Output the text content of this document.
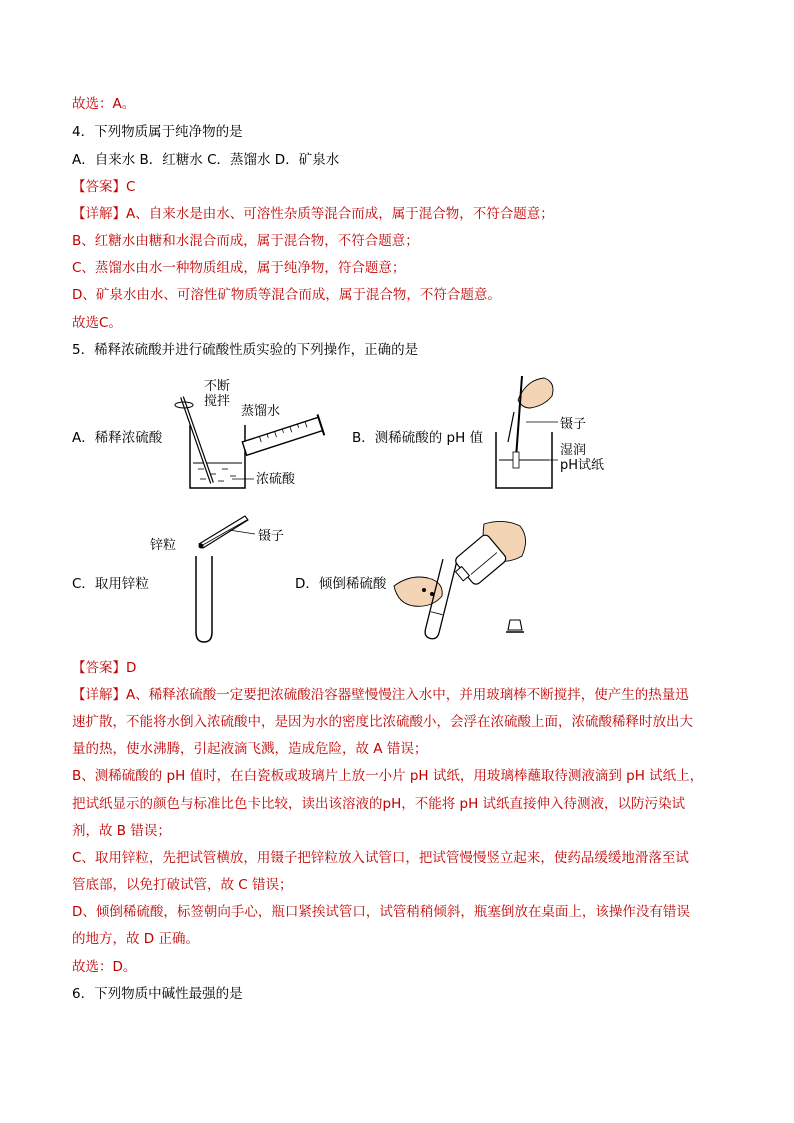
故选：A。
4．下列物质属于纯净物的是
A．自来水 B．红糖水 C．蒸馏水 D．矿泉水
【答案】C
【详解】A、自来水是由水、可溶性杂质等混合而成，属于混合物，不符合题意；
B、红糖水由糖和水混合而成，属于混合物，不符合题意；
C、蒸馏水由水一种物质组成，属于纯净物，符合题意；
D、矿泉水由水、可溶性矿物质等混合而成，属于混合物，不符合题意。
故选C。
5．稀释浓硫酸并进行硫酸性质实验的下列操作，正确的是
A．稀释浓硫酸
不断
搅拌
蒸馏水
浓硫酸
B．测稀硫酸的 pH 值
镊子
湿润
pH试纸
C．取用锌粒
锌粒
镊子
D．倾倒稀硫酸
【答案】D
【详解】A、稀释浓硫酸一定要把浓硫酸沿容器壁慢慢注入水中，并用玻璃棒不断搅拌，使产生的热量迅
速扩散，不能将水倒入浓硫酸中，是因为水的密度比浓硫酸小，会浮在浓硫酸上面，浓硫酸稀释时放出大
量的热，使水沸腾，引起液滴飞溅，造成危险，故 A 错误；
B、测稀硫酸的 pH 值时，在白瓷板或玻璃片上放一小片 pH 试纸，用玻璃棒蘸取待测液滴到 pH 试纸上，
把试纸显示的颜色与标准比色卡比较，读出该溶液的pH，不能将 pH 试纸直接伸入待测液，以防污染试
剂，故 B 错误；
C、取用锌粒，先把试管横放，用镊子把锌粒放入试管口，把试管慢慢竖立起来，使药品缓缓地滑落至试
管底部，以免打破试管，故 C 错误；
D、倾倒稀硫酸，标签朝向手心，瓶口紧挨试管口，试管稍稍倾斜，瓶塞倒放在桌面上，该操作没有错误
的地方，故 D 正确。
故选：D。
6．下列物质中碱性最强的是
